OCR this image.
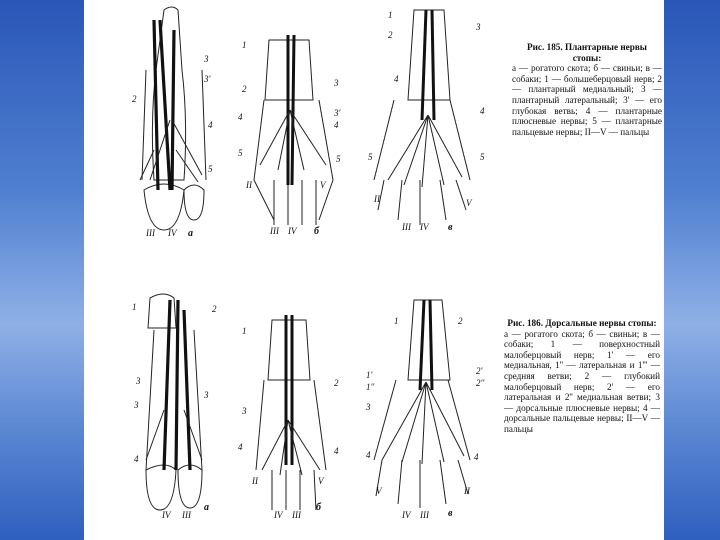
3
3'
2
4
5
III IV а
1
2
3
3'
4
4
5
5
II	V
III IV б
1
2
3
4
4
5	5
II
III IV
V
в
Рис. 185. Плантарные нервы стопы:
а — рогатого скота; б — свиньи; в — собаки; 1 — большеберцовый нерв; 2 — плантарный медиальный; 3 — плантарный латеральный; 3' — его глубокая ветвь; 4 — плантарные плюсневые нервы; 5 — плантарные пальцевые нервы; II—V — пальцы
1	2
3
3
3
4
IV III
а
1
2
3
4	4
II	V
IV III
б
1	2
1'
1''
2'
2''
3
4	4
V
IV III
II
в
Рис. 186. Дорсальные нервы стопы:
а — рогатого скота; б — свиньи; в — собаки; 1 — поверхностный малоберцовый нерв; 1' — его медиальная, 1'' — латеральная и 1''' — средняя ветви; 2 — глубокий малоберцовый нерв; 2' — его латеральная и 2'' медиальная ветви; 3 — дорсальные плюсневые нервы; 4 — дорсальные пальцевые нервы; II—V — пальцы
